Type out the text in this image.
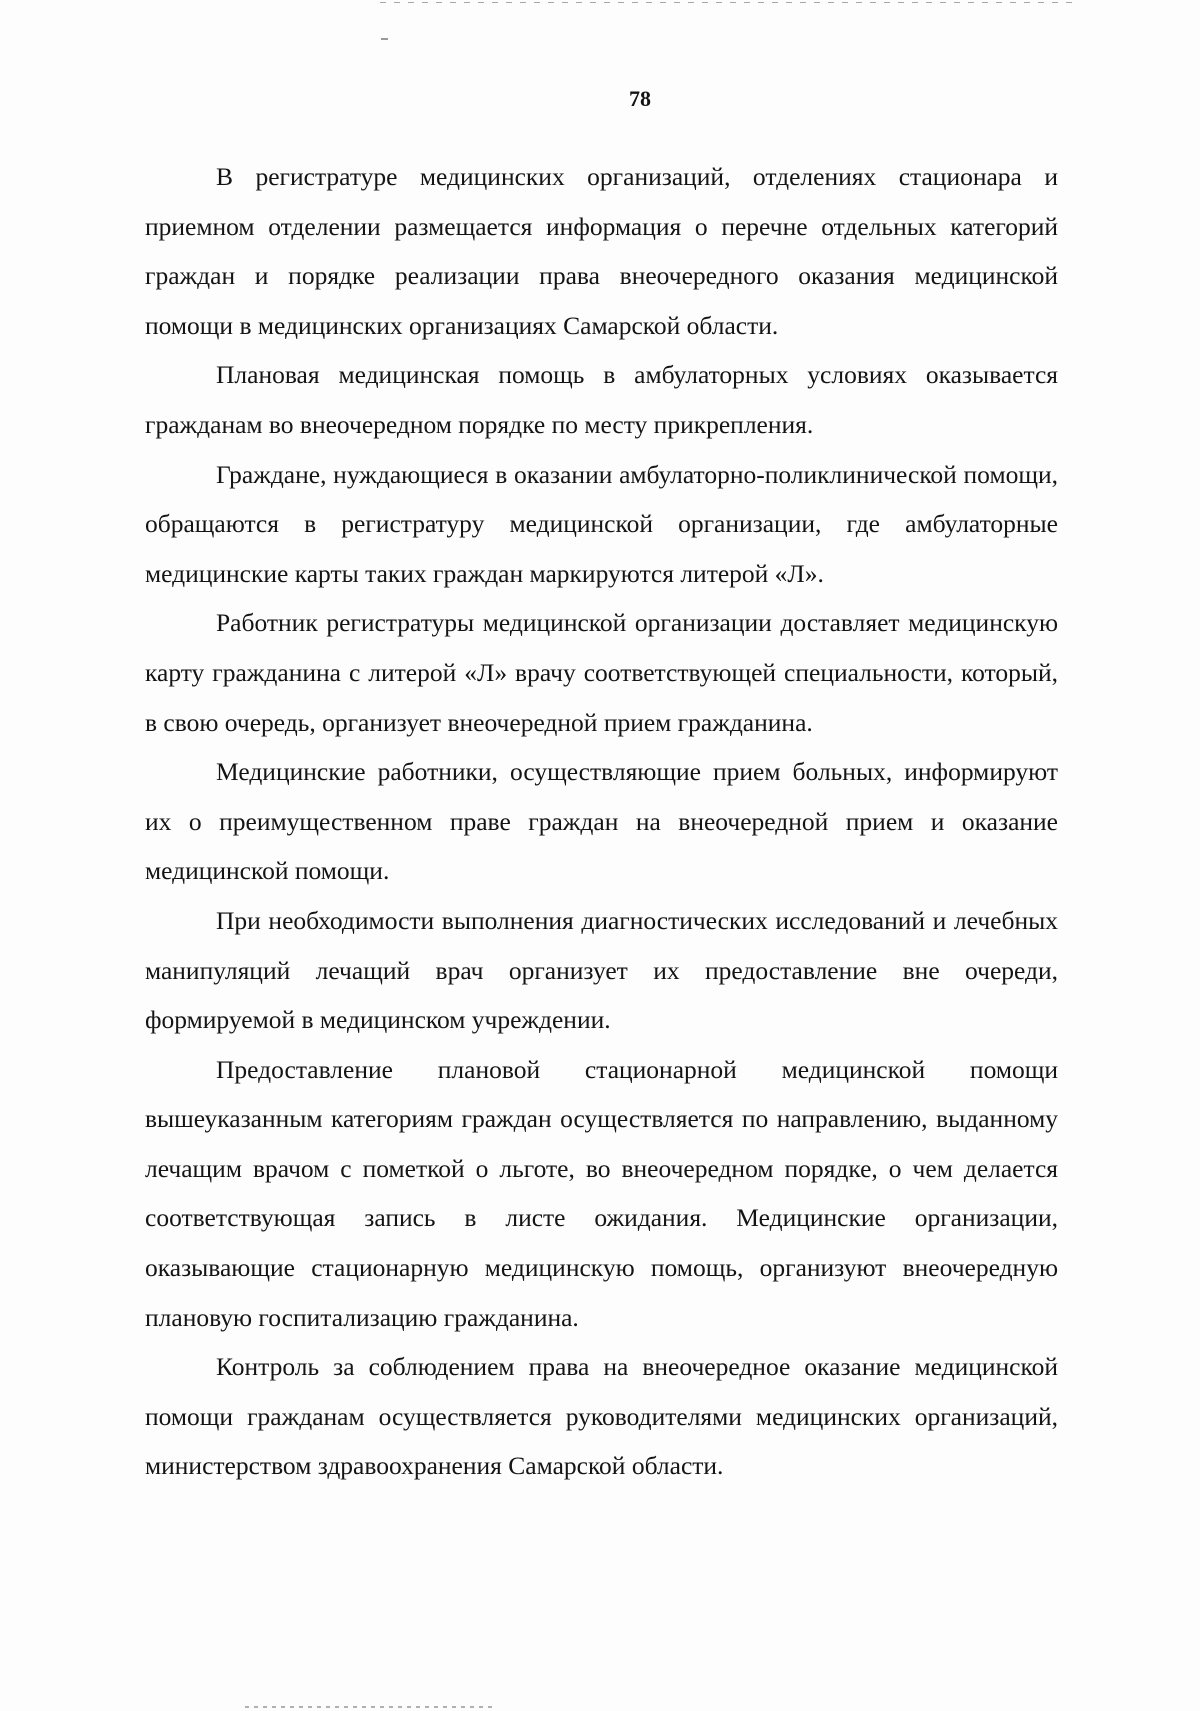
78

В регистратуре медицинских организаций, отделениях стационара и приемном отделении размещается информация о перечне отдельных категорий граждан и порядке реализации права внеочередного оказания медицинской помощи в медицинских организациях Самарской области.

Плановая медицинская помощь в амбулаторных условиях оказывается гражданам во внеочередном порядке по месту прикрепления.

Граждане, нуждающиеся в оказании амбулаторно-поликлинической помощи, обращаются в регистратуру медицинской организации, где амбулаторные медицинские карты таких граждан маркируются литерой «Л».

Работник регистратуры медицинской организации доставляет медицинскую карту гражданина с литерой «Л» врачу соответствующей специальности, который, в свою очередь, организует внеочередной прием гражданина.

Медицинские работники, осуществляющие прием больных, информируют их о преимущественном праве граждан на внеочередной прием и оказание медицинской помощи.

При необходимости выполнения диагностических исследований и лечебных манипуляций лечащий врач организует их предоставление вне очереди, формируемой в медицинском учреждении.

Предоставление плановой стационарной медицинской помощи вышеуказанным категориям граждан осуществляется по направлению, выданному лечащим врачом с пометкой о льготе, во внеочередном порядке, о чем делается соответствующая запись в листе ожидания. Медицинские организации, оказывающие стационарную медицинскую помощь, организуют внеочередную плановую госпитализацию гражданина.

Контроль за соблюдением права на внеочередное оказание медицинской помощи гражданам осуществляется руководителями медицинских организаций, министерством здравоохранения Самарской области.
